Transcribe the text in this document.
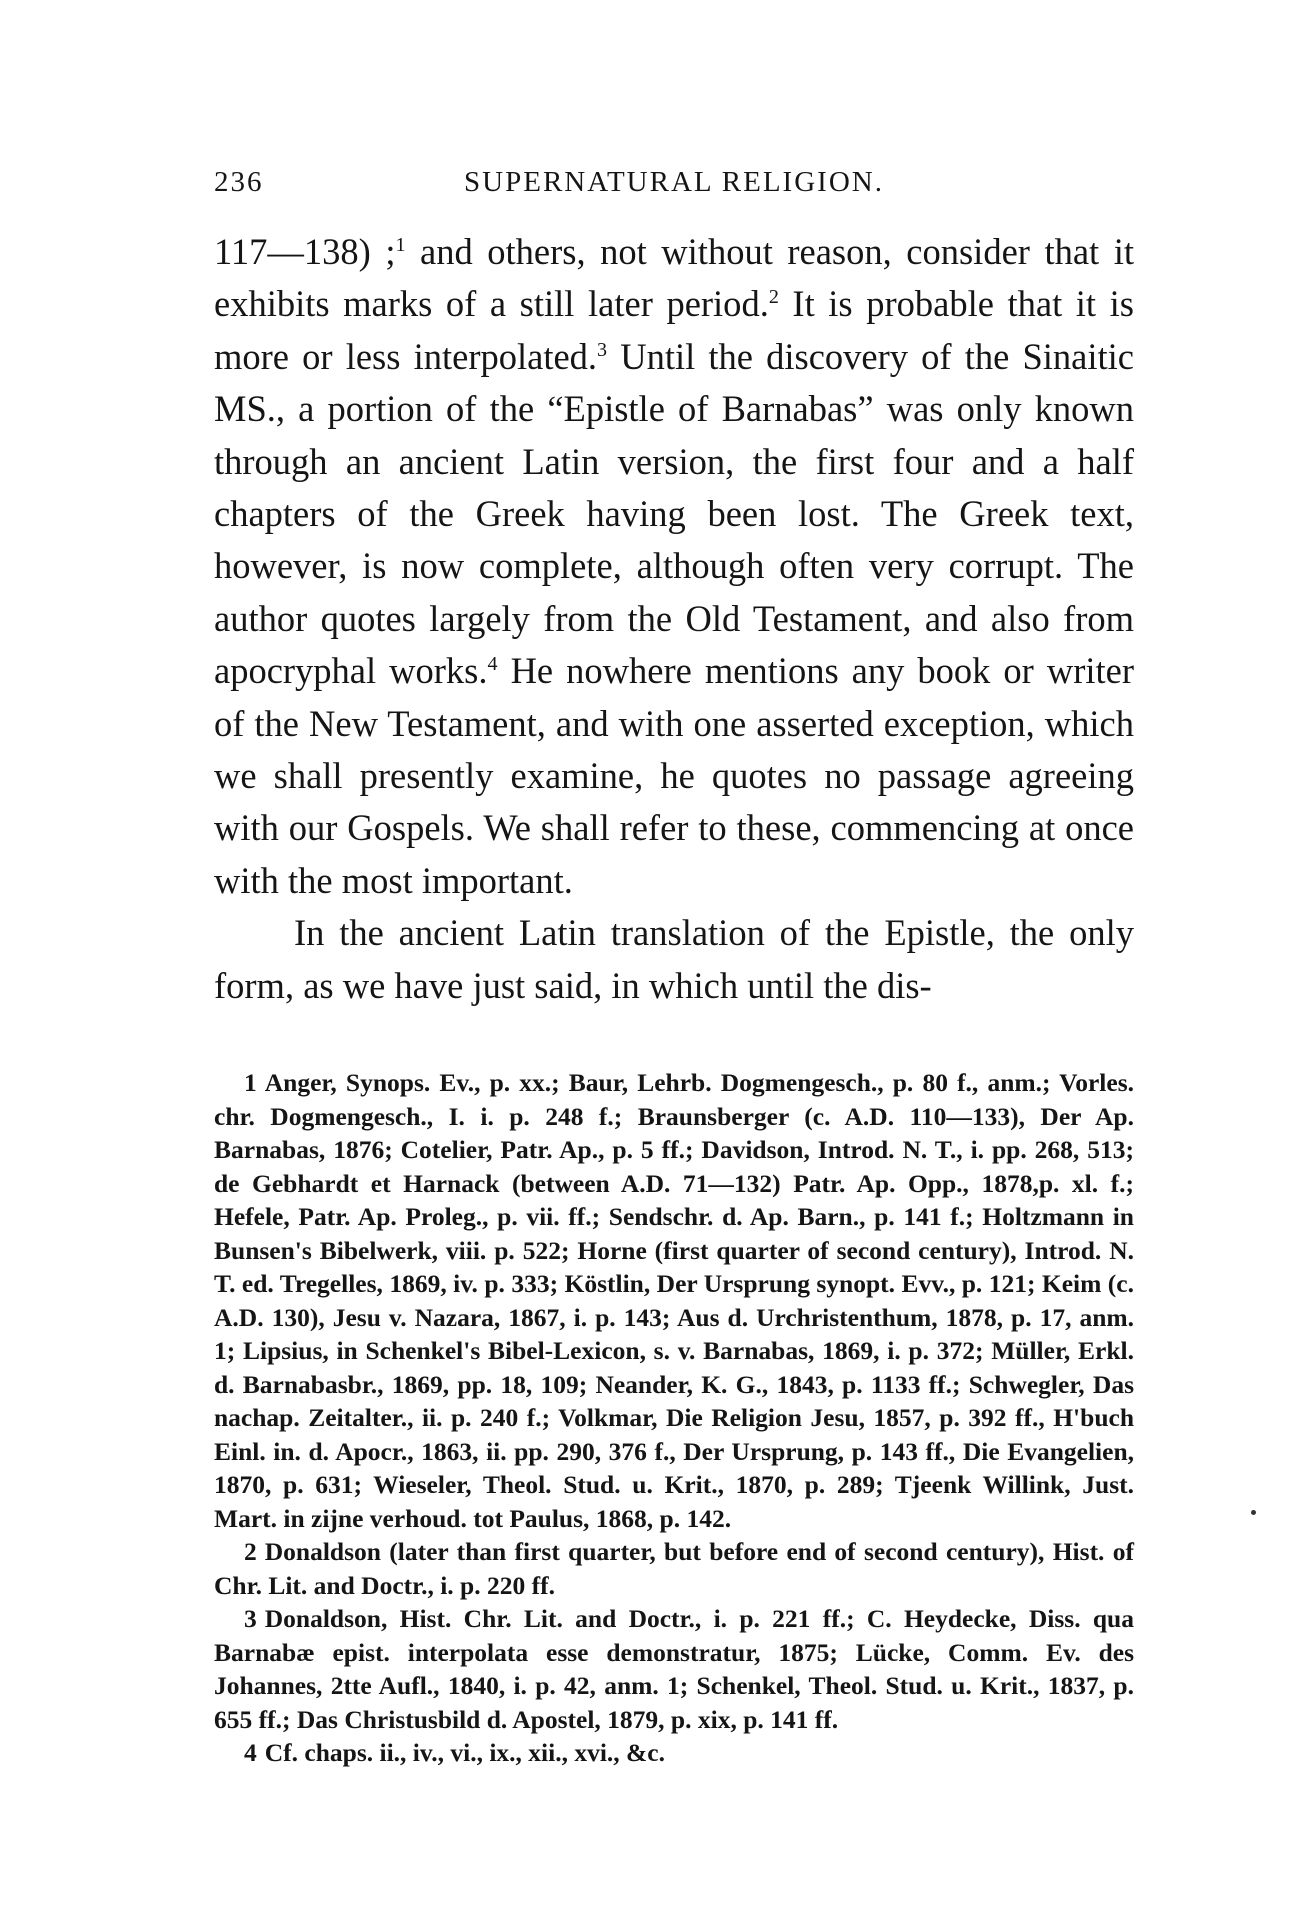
236	SUPERNATURAL RELIGION.

117—138) ;$^1$ and others, not without reason, consider that it exhibits marks of a still later period.$^2$ It is probable that it is more or less interpolated.$^3$ Until the discovery of the Sinaitic MS., a portion of the “Epistle of Barnabas” was only known through an ancient Latin version, the first four and a half chapters of the Greek having been lost. The Greek text, however, is now complete, although often very corrupt. The author quotes largely from the Old Testament, and also from apocryphal works.$^4$ He nowhere mentions any book or writer of the New Testament, and with one asserted exception, which we shall presently examine, he quotes no passage agreeing with our Gospels. We shall refer to these, commencing at once with the most important.

In the ancient Latin translation of the Epistle, the only form, as we have just said, in which until the dis-

1 Anger, Synops. Ev., p. xx.; Baur, Lehrb. Dogmengesch., p. 80 f., anm.; Vorles. chr. Dogmengesch., I. i. p. 248 f.; Braunsberger (c. A.D. 110—133), Der Ap. Barnabas, 1876; Cotelier, Patr. Ap., p. 5 ff.; Davidson, Introd. N. T., i. pp. 268, 513; de Gebhardt et Harnack (between A.D. 71—132) Patr. Ap. Opp., 1878,p. xl. f.; Hefele, Patr. Ap. Proleg., p. vii. ff.; Sendschr. d. Ap. Barn., p. 141 f.; Holtzmann in Bunsen's Bibelwerk, viii. p. 522; Horne (first quarter of second century), Introd. N. T. ed. Tregelles, 1869, iv. p. 333; Köstlin, Der Ursprung synopt. Evv., p. 121; Keim (c. A.D. 130), Jesu v. Nazara, 1867, i. p. 143; Aus d. Urchristenthum, 1878, p. 17, anm. 1; Lipsius, in Schenkel's Bibel-Lexicon, s. v. Barnabas, 1869, i. p. 372; Müller, Erkl. d. Barnabasbr., 1869, pp. 18, 109; Neander, K. G., 1843, p. 1133 ff.; Schwegler, Das nachap. Zeitalter., ii. p. 240 f.; Volkmar, Die Religion Jesu, 1857, p. 392 ff., H'buch Einl. in. d. Apocr., 1863, ii. pp. 290, 376 f., Der Ursprung, p. 143 ff., Die Evangelien, 1870, p. 631; Wieseler, Theol. Stud. u. Krit., 1870, p. 289; Tjeenk Willink, Just. Mart. in zijne verhoud. tot Paulus, 1868, p. 142.

2 Donaldson (later than first quarter, but before end of second century), Hist. of Chr. Lit. and Doctr., i. p. 220 ff.

3 Donaldson, Hist. Chr. Lit. and Doctr., i. p. 221 ff.; C. Heydecke, Diss. qua Barnabæ epist. interpolata esse demonstratur, 1875; Lücke, Comm. Ev. des Johannes, 2tte Aufl., 1840, i. p. 42, anm. 1; Schenkel, Theol. Stud. u. Krit., 1837, p. 655 ff.; Das Christusbild d. Apostel, 1879, p. xix, p. 141 ff.

4 Cf. chaps. ii., iv., vi., ix., xii., xvi., &c.
